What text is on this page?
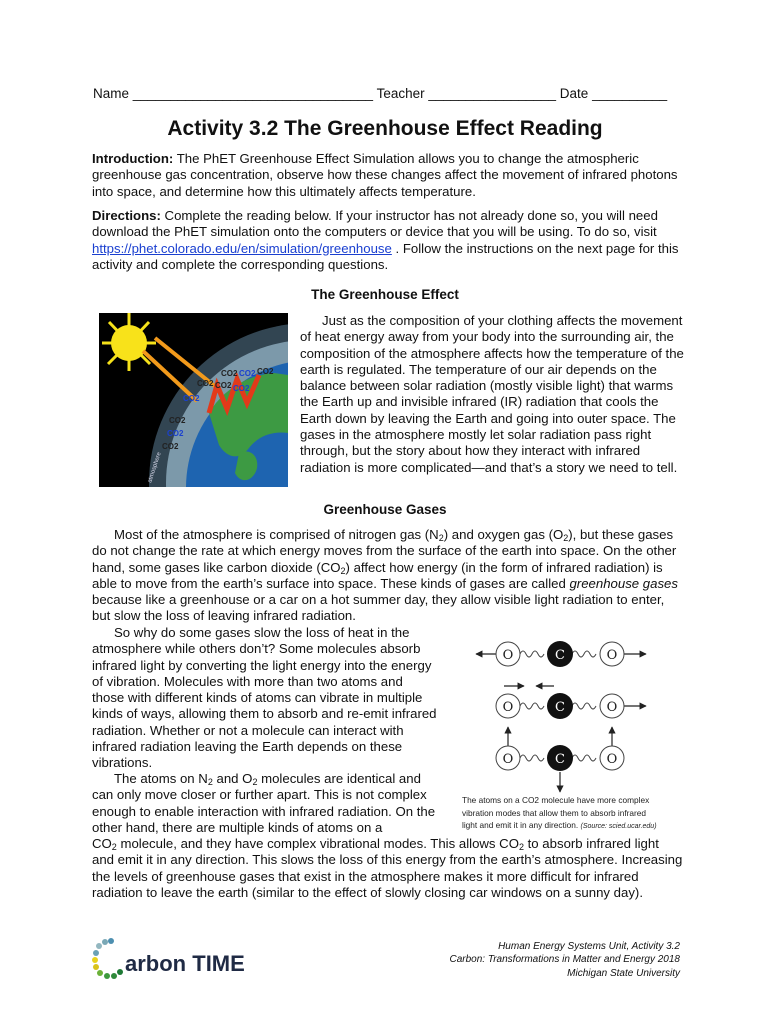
Name ________________________________ Teacher _________________ Date __________
Activity 3.2 The Greenhouse Effect Reading

Introduction: The PhET Greenhouse Effect Simulation allows you to change the atmospheric greenhouse gas concentration, observe how these changes affect the movement of infrared photons into space, and determine how this ultimately affects temperature.

Directions: Complete the reading below. If your instructor has not already done so, you will need download the PhET simulation onto the computers or device that you will be using. To do so, visit https://phet.colorado.edu/en/simulation/greenhouse . Follow the instructions on the next page for this activity and complete the corresponding questions.

The Greenhouse Effect
CO2 CO2 CO2
CO2 CO2 CO2
CO2
CO2
CO2
CO2
atmosphere

Just as the composition of your clothing affects the movement of heat energy away from your body into the surrounding air, the composition of the atmosphere affects how the temperature of the earth is regulated. The temperature of our air depends on the balance between solar radiation (mostly visible light) that warms the Earth up and invisible infrared (IR) radiation that cools the Earth down by leaving the Earth and going into outer space. The gases in the atmosphere mostly let solar radiation pass right through, but the story about how they interact with infrared radiation is more complicated—and that’s a story we need to tell.

Greenhouse Gases

Most of the atmosphere is comprised of nitrogen gas $(N_2)$ and oxygen gas $(O_2)$, but these gases do not change the rate at which energy moves from the surface of the earth into space. On the other hand, some gases like carbon dioxide $(CO_2)$ affect how energy (in the form of infrared radiation) is able to move from the earth’s surface into space. These kinds of gases are called greenhouse gases because like a greenhouse or a car on a hot summer day, they allow visible light radiation to enter, but slow the loss of leaving infrared radiation.

So why do some gases slow the loss of heat in the atmosphere while others don’t? Some molecules absorb infrared light by converting the light energy into the energy of vibration. Molecules with more than two atoms and those with different kinds of atoms can vibrate in multiple kinds of ways, allowing them to absorb and re-emit infrared radiation. Whether or not a molecule can interact with infrared radiation leaving the Earth depends on these vibrations.

The atoms on $N_2$ and $O_2$ molecules are identical and can only move closer or further apart. This is not complex enough to enable interaction with infrared radiation. On the other hand, there are multiple kinds of atoms on a

$CO_2$ molecule, and they have complex vibrational modes. This allows $CO_2$ to absorb infrared light and emit it in any direction. This slows the loss of this energy from the earth’s atmosphere. Increasing the levels of greenhouse gases that exist in the atmosphere makes it more difficult for infrared radiation to leave the earth (similar to the effect of slowly closing car windows on a sunny day).

O	C	O
O	C	O
O	C	O
The atoms on a CO2 molecule have more complex
vibration modes that allow them to absorb infrared
light and emit it in any direction. (Source: scied.ucar.edu)
arbon TIME
Human Energy Systems Unit, Activity 3.2
Carbon: Transformations in Matter and Energy 2018
Michigan State University
